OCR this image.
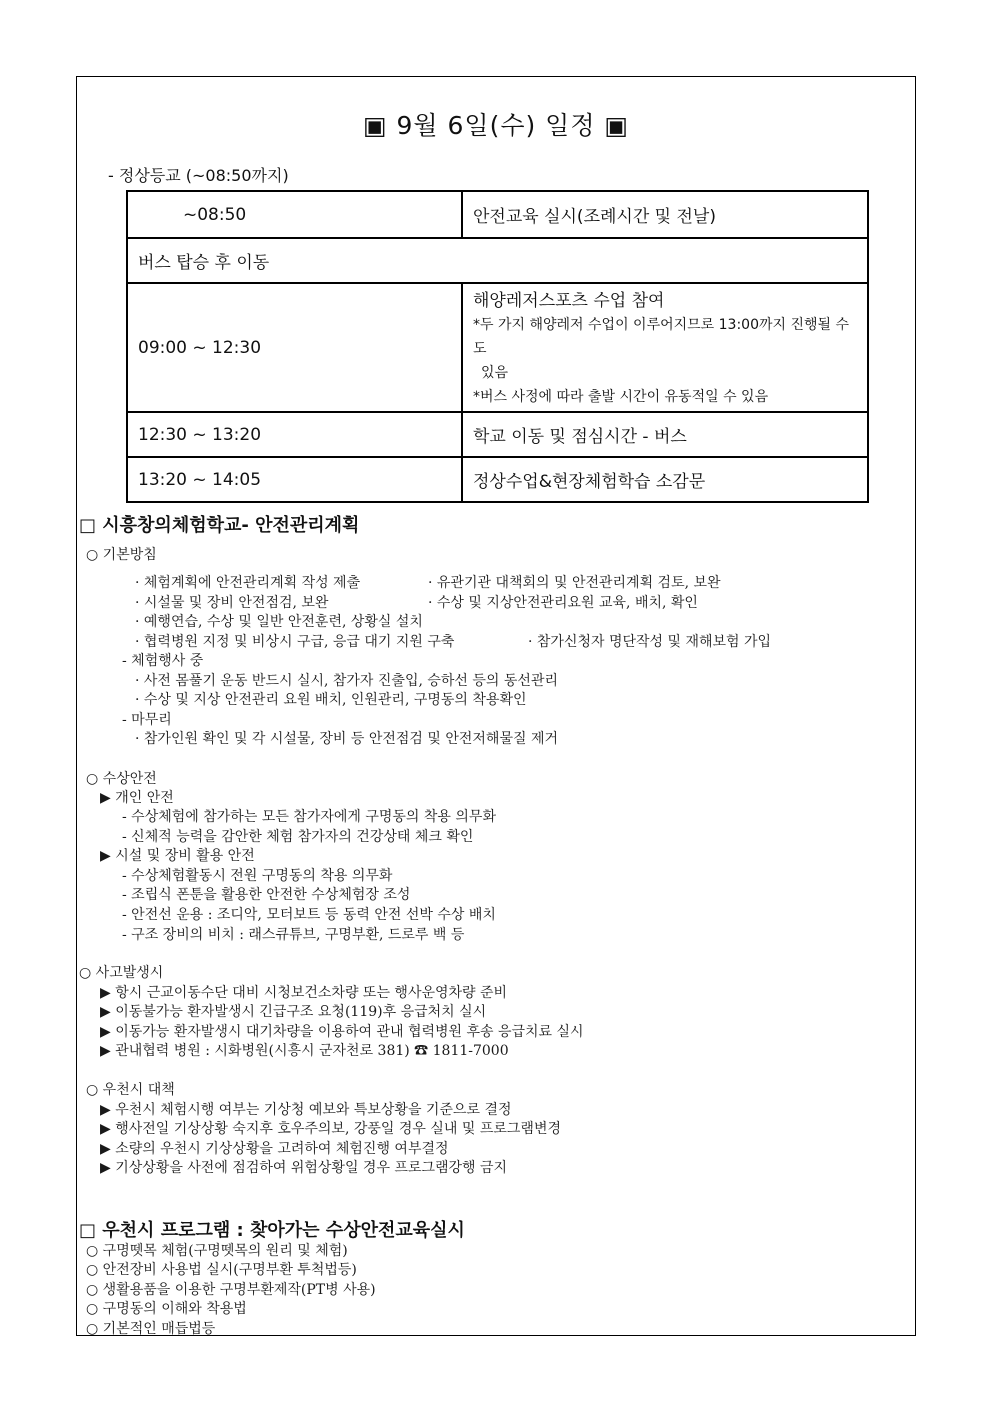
▣ 9월 6일(수) 일정 ▣
- 정상등교 (~08:50까지)
~08:50	안전교육 실시(조례시간 및 전날)
버스 탑승 후 이동	
09:00 ~ 12:30	해양레저스포츠 수업 참여
*두 가지 해양레저 수업이 이루어지므로 13:00까지 진행될 수도
있음
*버스 사정에 따라 출발 시간이 유동적일 수 있음

12:30 ~ 13:20	학교 이동 및 점심시간 - 버스
13:20 ~ 14:05	정상수업&현장체험학습 소감문
□ 시흥창의체험학교- 안전관리계획
○ 기본방침
· 체험계획에 안전관리계획 작성 제출	· 유관기관 대책회의 및 안전관리계획 검토, 보완
· 시설물 및 장비 안전점검, 보완	· 수상 및 지상안전관리요원 교육, 배치, 확인
· 예행연습, 수상 및 일반 안전훈련, 상황실 설치
· 협력병원 지정 및 비상시 구급, 응급 대기 지원 구축	· 참가신청자 명단작성 및 재해보험 가입
- 체험행사 중
· 사전 몸풀기 운동 반드시 실시, 참가자 진출입, 승하선 등의 동선관리
· 수상 및 지상 안전관리 요원 배치, 인원관리, 구명동의 착용확인
- 마무리
· 참가인원 확인 및 각 시설물, 장비 등 안전점검 및 안전저해물질 제거
○ 수상안전
▶ 개인 안전
- 수상체험에 참가하는 모든 참가자에게 구명동의 착용 의무화
- 신체적 능력을 감안한 체험 참가자의 건강상태 체크 확인
▶ 시설 및 장비 활용 안전
- 수상체험활동시 전원 구명동의 착용 의무화
- 조립식 폰툰을 활용한 안전한 수상체험장 조성
- 안전선 운용 : 조디악, 모터보트 등 동력 안전 선박 수상 배치
- 구조 장비의 비치 : 래스큐튜브, 구명부환, 드로루 백 등
○ 사고발생시
▶ 항시 근교이동수단 대비 시청보건소차량 또는 행사운영차량 준비
▶ 이동불가능 환자발생시 긴급구조 요청(119)후 응급처치 실시
▶ 이동가능 환자발생시 대기차량을 이용하여 관내 협력병원 후송 응급치료 실시
▶ 관내협력 병원 : 시화병원(시흥시 군자천로 381) ☎ 1811-7000
○ 우천시 대책
▶ 우천시 체험시행 여부는 기상청 예보와 특보상황을 기준으로 결정
▶ 행사전일 기상상황 숙지후 호우주의보, 강풍일 경우 실내 및 프로그램변경
▶ 소량의 우천시 기상상황을 고려하여 체험진행 여부결정
▶ 기상상황을 사전에 점검하여 위험상황일 경우 프로그램강행 금지
□ 우천시 프로그램 : 찾아가는 수상안전교육실시
○ 구명뗏목 체험(구명뗏목의 원리 및 체험)
○ 안전장비 사용법 실시(구명부환 투척법등)
○ 생활용품을 이용한 구명부환제작(PT병 사용)
○ 구명동의 이해와 착용법
○ 기본적인 매듭법등
